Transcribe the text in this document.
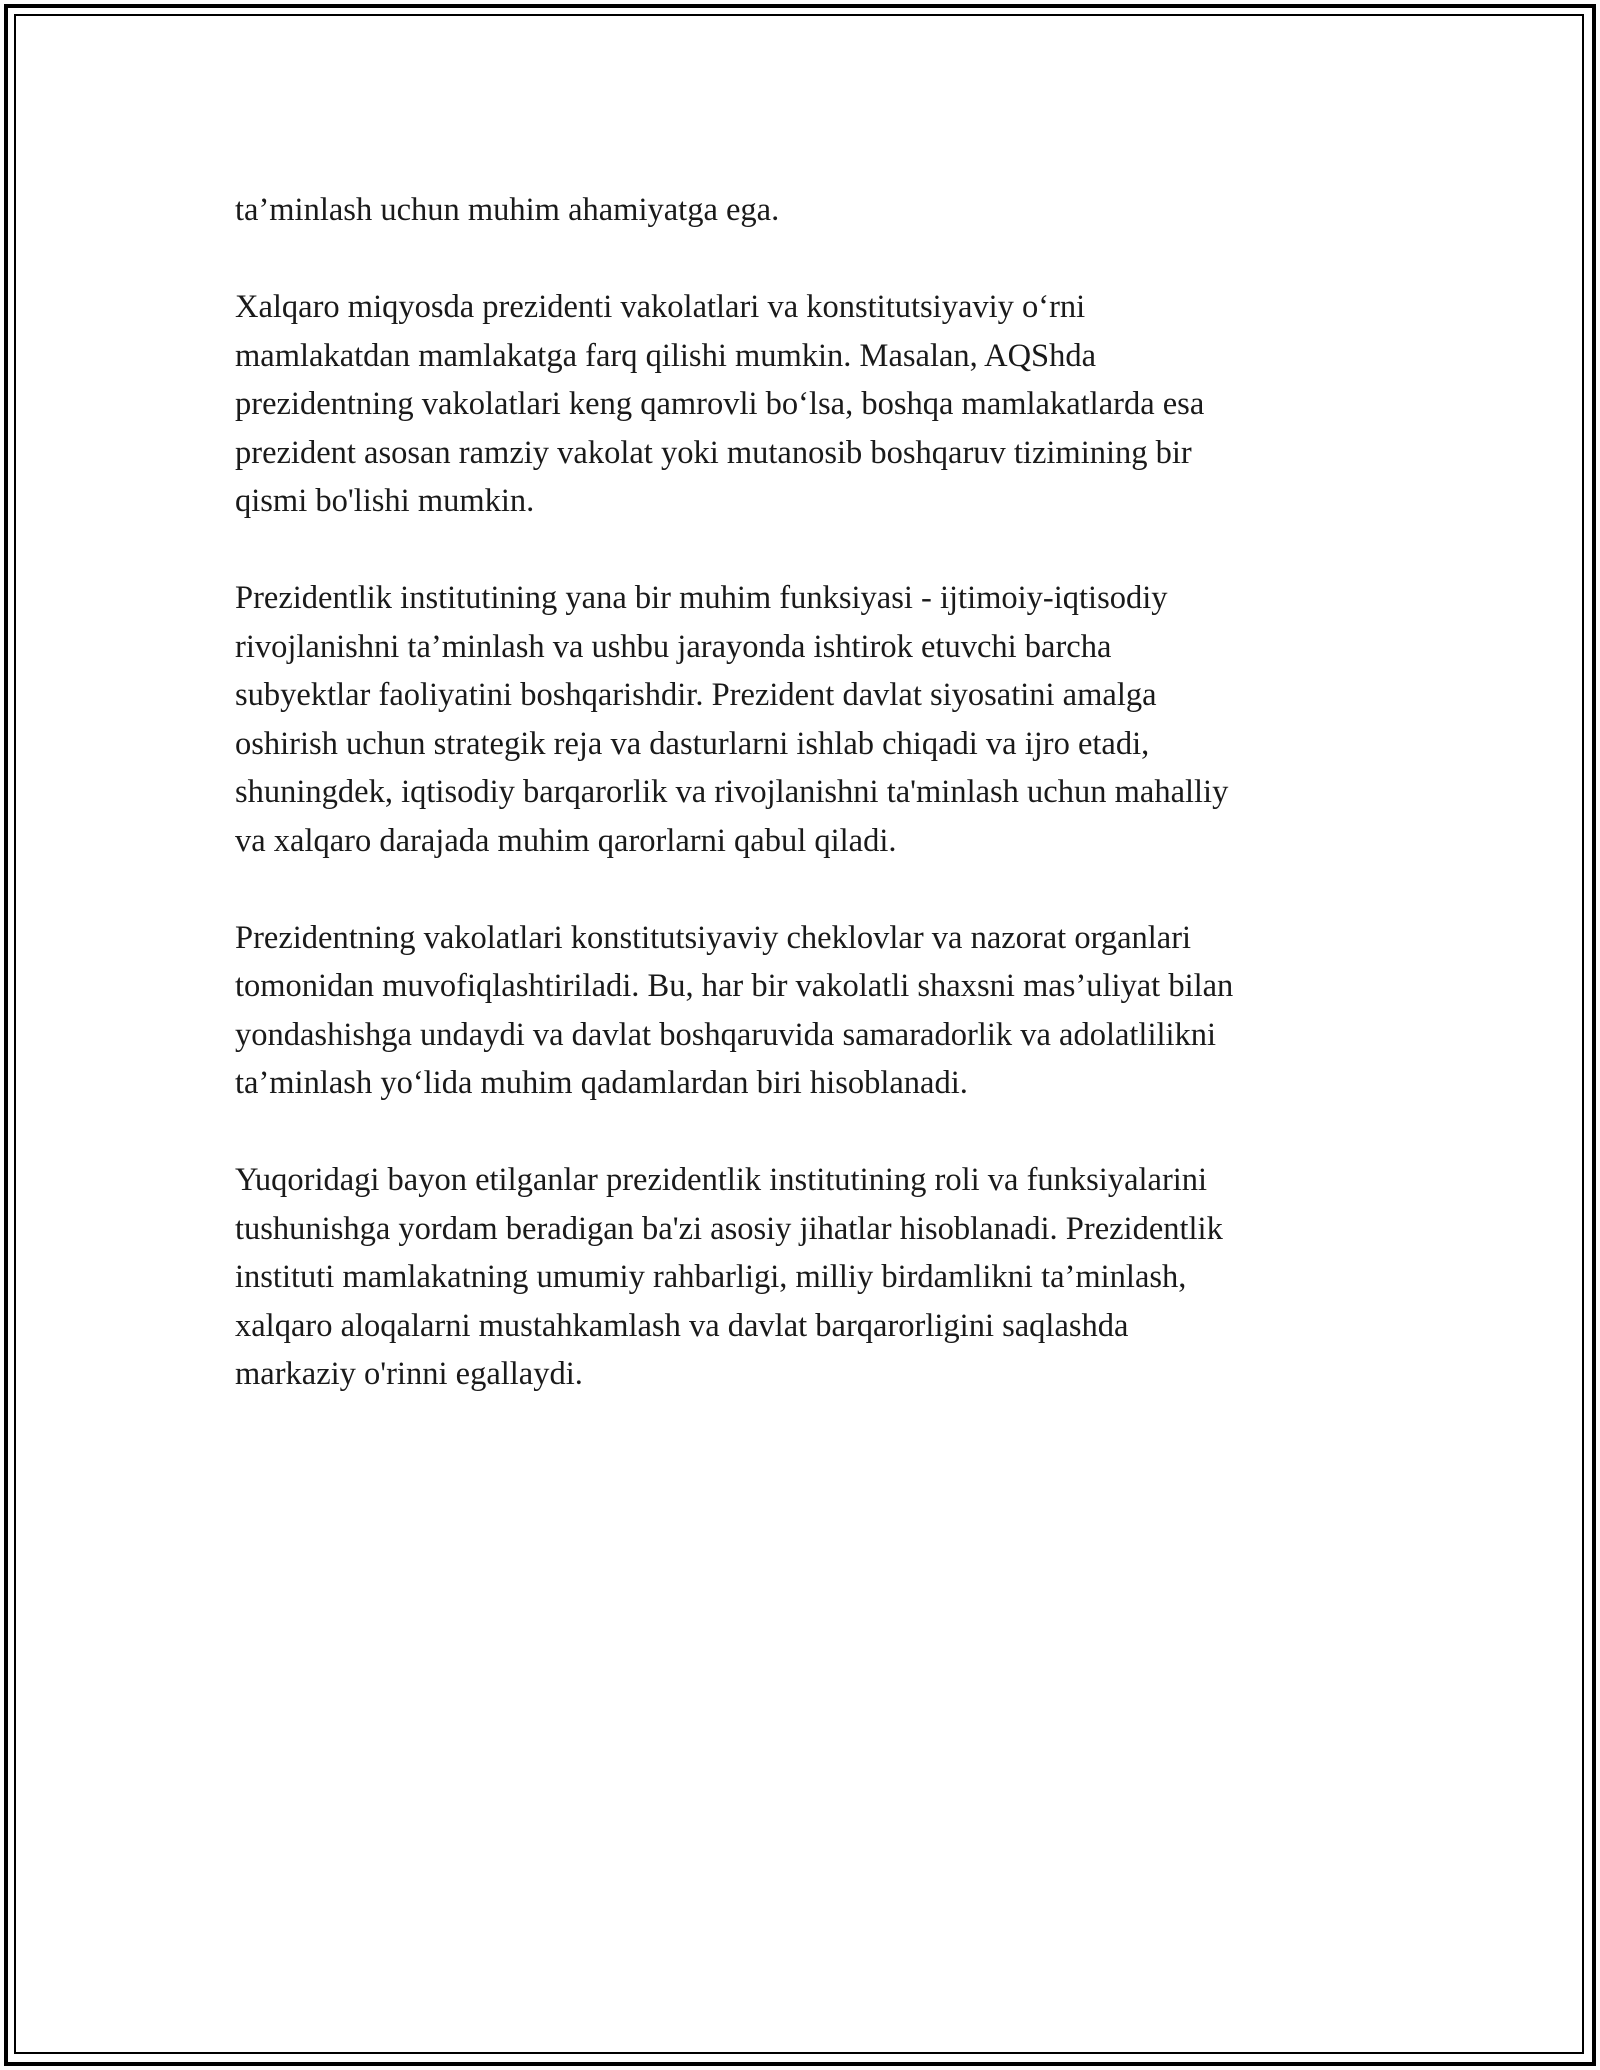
ta’minlash uchun muhim ahamiyatga ega.

Xalqaro miqyosda prezidenti vakolatlari va konstitutsiyaviy o‘rni
mamlakatdan mamlakatga farq qilishi mumkin. Masalan, AQShda
prezidentning vakolatlari keng qamrovli bo‘lsa, boshqa mamlakatlarda esa
prezident asosan ramziy vakolat yoki mutanosib boshqaruv tizimining bir
qismi bo'lishi mumkin.

Prezidentlik institutining yana bir muhim funksiyasi - ijtimoiy-iqtisodiy
rivojlanishni ta’minlash va ushbu jarayonda ishtirok etuvchi barcha
subyektlar faoliyatini boshqarishdir. Prezident davlat siyosatini amalga
oshirish uchun strategik reja va dasturlarni ishlab chiqadi va ijro etadi,
shuningdek, iqtisodiy barqarorlik va rivojlanishni ta'minlash uchun mahalliy
va xalqaro darajada muhim qarorlarni qabul qiladi.

Prezidentning vakolatlari konstitutsiyaviy cheklovlar va nazorat organlari
tomonidan muvofiqlashtiriladi. Bu, har bir vakolatli shaxsni mas’uliyat bilan
yondashishga undaydi va davlat boshqaruvida samaradorlik va adolatlilikni
ta’minlash yo‘lida muhim qadamlardan biri hisoblanadi.

Yuqoridagi bayon etilganlar prezidentlik institutining roli va funksiyalarini
tushunishga yordam beradigan ba'zi asosiy jihatlar hisoblanadi. Prezidentlik
instituti mamlakatning umumiy rahbarligi, milliy birdamlikni ta’minlash,
xalqaro aloqalarni mustahkamlash va davlat barqarorligini saqlashda
markaziy o'rinni egallaydi.
